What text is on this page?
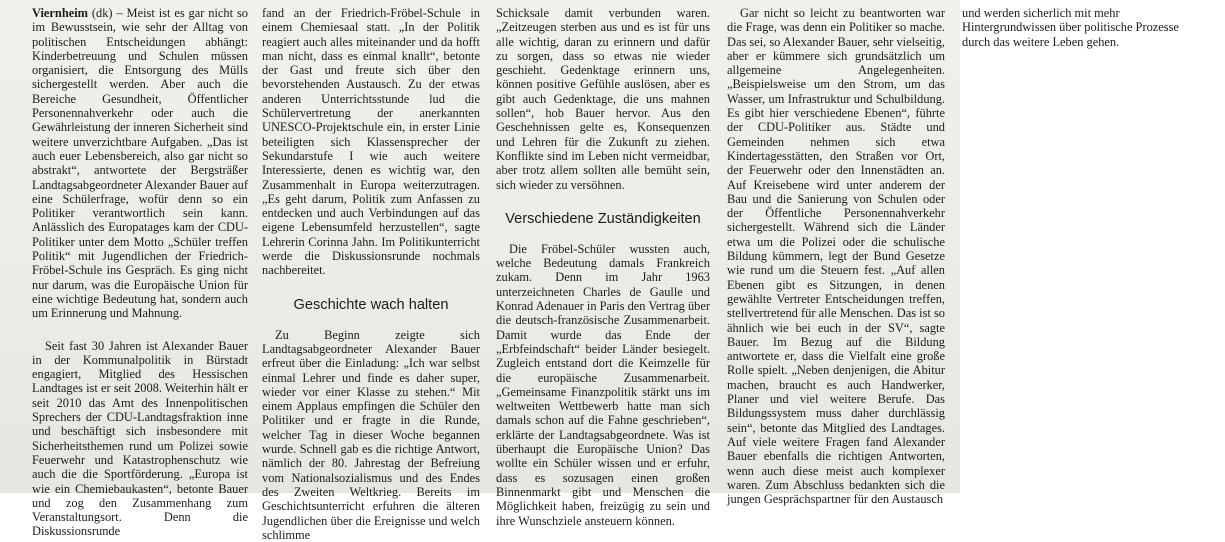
Viernheim (dk) – Meist ist es gar nicht so im Bewusstsein, wie sehr der Alltag von politischen Entscheidungen abhängt: Kinderbetreuung und Schulen müssen organisiert, die Entsorgung des Mülls sichergestellt werden. Aber auch die Bereiche Gesundheit, Öffentlicher Personennahverkehr oder auch die Gewährleistung der inneren Sicherheit sind weitere unverzichtbare Aufgaben. „Das ist auch euer Lebensbereich, also gar nicht so abstrakt“, antwortete der Bergsträßer Landtagsabgeordneter Alexander Bauer auf eine Schülerfrage, wofür denn so ein Politiker verantwortlich sein kann. Anlässlich des Europatages kam der CDU-Politiker unter dem Motto „Schüler treffen Politik“ mit Jugendlichen der Friedrich-Fröbel-Schule ins Gespräch. Es ging nicht nur darum, was die Europäische Union für eine wichtige Bedeutung hat, sondern auch um Erinnerung und Mahnung.

Seit fast 30 Jahren ist Alexander Bauer in der Kommunalpolitik in Bürstadt engagiert, Mitglied des Hessischen Landtages ist er seit 2008. Weiterhin hält er seit 2010 das Amt des Innenpolitischen Sprechers der CDU-Landtagsfraktion inne und beschäftigt sich insbesondere mit Sicherheitsthemen rund um Polizei sowie Feuerwehr und Katastrophenschutz wie auch die die Sportförderung. „Europa ist wie ein Chemiebaukasten“, betonte Bauer und zog den Zusammenhang zum Veranstaltungsort. Denn die Diskussionsrunde

fand an der Friedrich-Fröbel-Schule in einem Chemiesaal statt. „In der Politik reagiert auch alles miteinander und da hofft man nicht, dass es einmal knallt“, betonte der Gast und freute sich über den bevorstehenden Austausch. Zu der etwas anderen Unterrichtsstunde lud die Schülervertretung der anerkannten UNESCO-Projektschule ein, in erster Linie beteiligten sich Klassensprecher der Sekundarstufe I wie auch weitere Interessierte, denen es wichtig war, den Zusammenhalt in Europa weiterzutragen. „Es geht darum, Politik zum Anfassen zu entdecken und auch Verbindungen auf das eigene Lebensumfeld herzustellen“, sagte Lehrerin Corinna Jahn. Im Politikunterricht werde die Diskussionsrunde nochmals nachbereitet.

Geschichte wach halten

Zu Beginn zeigte sich Landtagsabgeordneter Alexander Bauer erfreut über die Einladung: „Ich war selbst einmal Lehrer und finde es daher super, wieder vor einer Klasse zu stehen.“ Mit einem Applaus empfingen die Schüler den Politiker und er fragte in die Runde, welcher Tag in dieser Woche begannen wurde. Schnell gab es die richtige Antwort, nämlich der 80. Jahrestag der Befreiung vom Nationalsozialismus und des Endes des Zweiten Weltkrieg. Bereits im Geschichtsunterricht erfuhren die älteren Jugendlichen über die Ereignisse und welch schlimme

Schicksale damit verbunden waren. „Zeitzeugen sterben aus und es ist für uns alle wichtig, daran zu erinnern und dafür zu sorgen, dass so etwas nie wieder geschieht. Gedenktage erinnern uns, können positive Gefühle auslösen, aber es gibt auch Gedenktage, die uns mahnen sollen“, hob Bauer hervor. Aus den Geschehnissen gelte es, Konsequenzen und Lehren für die Zukunft zu ziehen. Konflikte sind im Leben nicht vermeidbar, aber trotz allem sollten alle bemüht sein, sich wieder zu versöhnen.

Verschiedene Zuständigkeiten

Die Fröbel-Schüler wussten auch, welche Bedeutung damals Frankreich zukam. Denn im Jahr 1963 unterzeichneten Charles de Gaulle und Konrad Adenauer in Paris den Vertrag über die deutsch-französische Zusammenarbeit. Damit wurde das Ende der „Erbfeindschaft“ beider Länder besiegelt. Zugleich entstand dort die Keimzelle für die europäische Zusammenarbeit. „Gemeinsame Finanzpolitik stärkt uns im weltweiten Wettbewerb hatte man sich damals schon auf die Fahne geschrieben“, erklärte der Landtagsabgeordnete. Was ist überhaupt die Europäische Union? Das wollte ein Schüler wissen und er erfuhr, dass es sozusagen einen großen Binnenmarkt gibt und Menschen die Möglichkeit haben, freizügig zu sein und ihre Wunschziele ansteuern können.

Gar nicht so leicht zu beantworten war die Frage, was denn ein Politiker so mache. Das sei, so Alexander Bauer, sehr vielseitig, aber er kümmere sich grundsätzlich um allgemeine Angelegenheiten. „Beispielsweise um den Strom, um das Wasser, um Infrastruktur und Schulbildung. Es gibt hier verschiedene Ebenen“, führte der CDU-Politiker aus. Städte und Gemeinden nehmen sich etwa Kindertagesstätten, den Straßen vor Ort, der Feuerwehr oder den Innenstädten an. Auf Kreisebene wird unter anderem der Bau und die Sanierung von Schulen oder der Öffentliche Personennahverkehr sichergestellt. Während sich die Länder etwa um die Polizei oder die schulische Bildung kümmern, legt der Bund Gesetze wie rund um die Steuern fest. „Auf allen Ebenen gibt es Sitzungen, in denen gewählte Vertreter Entscheidungen treffen, stellvertretend für alle Menschen. Das ist so ähnlich wie bei euch in der SV“, sagte Bauer. Im Bezug auf die Bildung antwortete er, dass die Vielfalt eine große Rolle spielt. „Neben denjenigen, die Abitur machen, braucht es auch Handwerker, Planer und viel weitere Berufe. Das Bildungssystem muss daher durchlässig sein“, betonte das Mitglied des Landtages. Auf viele weitere Fragen fand Alexander Bauer ebenfalls die richtigen Antworten, wenn auch diese meist auch komplexer waren. Zum Abschluss bedankten sich die jungen Gesprächspartner für den Austausch

und werden sicherlich mit mehr Hintergrundwissen über politische Prozesse durch das weitere Leben gehen.
